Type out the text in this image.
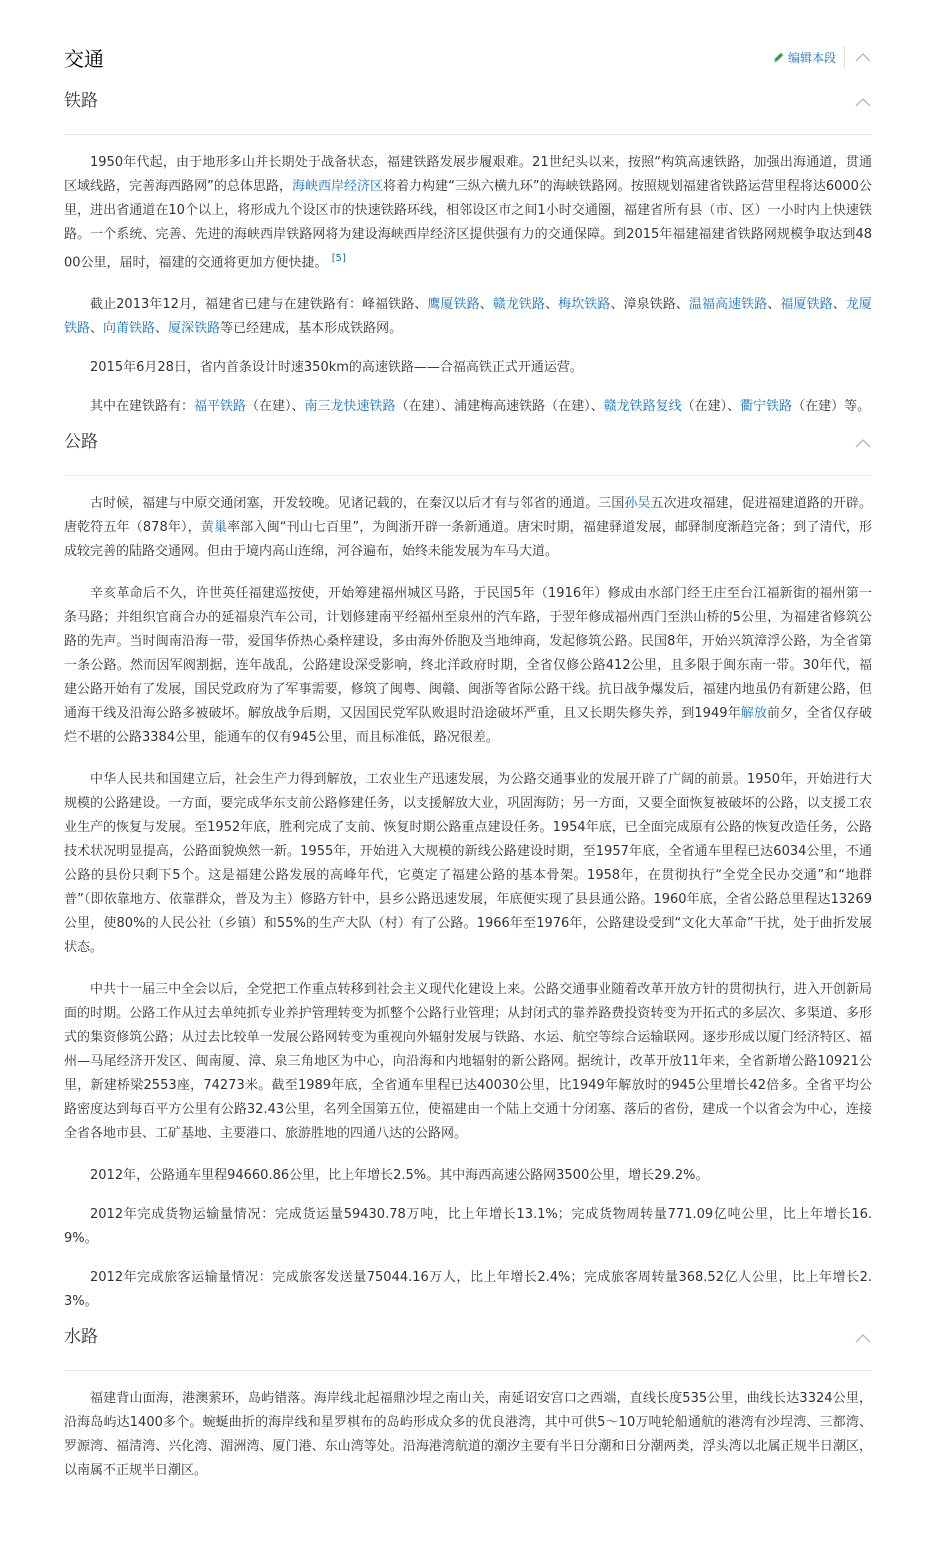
交通	编辑本段
铁路

1950年代起，由于地形多山并长期处于战备状态，福建铁路发展步履艰难。21世纪头以来，按照“构筑高速铁路，加强出海通道，贯通区域线路，完善海西路网”的总体思路，海峡西岸经济区将着力构建“三纵六横九环”的海峡铁路网。按照规划福建省铁路运营里程将达6000公里，进出省通道在10个以上，将形成九个设区市的快速铁路环线，相邻设区市之间1小时交通圈，福建省所有县（市、区）一小时内上快速铁路。一个系统、完善、先进的海峡西岸铁路网将为建设海峡西岸经济区提供强有力的交通保障。到2015年福建福建省铁路网规模争取达到4800公里，届时，福建的交通将更加方便快捷。 [5]

截止2013年12月，福建省已建与在建铁路有：峰福铁路、鹰厦铁路、赣龙铁路、梅坎铁路、漳泉铁路、温福高速铁路、福厦铁路、龙厦铁路、向莆铁路、厦深铁路等已经建成，基本形成铁路网。

2015年6月28日，省内首条设计时速350km的高速铁路——合福高铁正式开通运营。

其中在建铁路有：福平铁路（在建）、南三龙快速铁路（在建）、浦建梅高速铁路（在建）、赣龙铁路复线（在建）、衢宁铁路（在建）等。

公路

古时候，福建与中原交通闭塞，开发较晚。见诸记载的，在秦汉以后才有与邻省的通道。三国孙吴五次进攻福建，促进福建道路的开辟。唐乾符五年（878年），黄巢率部入闽“刊山七百里”，为闽浙开辟一条新通道。唐宋时期，福建驿道发展，邮驿制度渐趋完备；到了清代，形成较完善的陆路交通网。但由于境内高山连绵，河谷遍布，始终未能发展为车马大道。

辛亥革命后不久，许世英任福建巡按使，开始筹建福州城区马路，于民国5年（1916年）修成由水部门经王庄至台江福新街的福州第一条马路；并组织官商合办的延福泉汽车公司，计划修建南平经福州至泉州的汽车路，于翌年修成福州西门至洪山桥的5公里，为福建省修筑公路的先声。当时闽南沿海一带，爱国华侨热心桑梓建设，多由海外侨胞及当地绅商，发起修筑公路。民国8年，开始兴筑漳浮公路，为全省第一条公路。然而因军阀割据，连年战乱，公路建设深受影响，终北洋政府时期，全省仅修公路412公里，且多限于闽东南一带。30年代，福建公路开始有了发展，国民党政府为了军事需要，修筑了闽粤、闽赣、闽浙等省际公路干线。抗日战争爆发后，福建内地虽仍有新建公路，但通海干线及沿海公路多被破坏。解放战争后期，又因国民党军队败退时沿途破坏严重，且又长期失修失养，到1949年解放前夕，全省仅存破烂不堪的公路3384公里，能通车的仅有945公里，而且标准低，路况很差。

中华人民共和国建立后，社会生产力得到解放，工农业生产迅速发展，为公路交通事业的发展开辟了广阔的前景。1950年，开始进行大规模的公路建设。一方面，要完成华东支前公路修建任务，以支援解放大业，巩固海防；另一方面，又要全面恢复被破坏的公路，以支援工农业生产的恢复与发展。至1952年底，胜利完成了支前、恢复时期公路重点建设任务。1954年底，已全面完成原有公路的恢复改造任务，公路技术状况明显提高，公路面貌焕然一新。1955年，开始进入大规模的新线公路建设时期，至1957年底，全省通车里程已达6034公里，不通公路的县份只剩下5个。这是福建公路发展的高峰年代，它奠定了福建公路的基本骨架。1958年，在贯彻执行“全党全民办交通”和“地群普”（即依靠地方、依靠群众，普及为主）修路方针中，县乡公路迅速发展，年底便实现了县县通公路。1960年底，全省公路总里程达13269公里，使80%的人民公社（乡镇）和55%的生产大队（村）有了公路。1966年至1976年，公路建设受到“文化大革命”干扰，处于曲折发展状态。

中共十一届三中全会以后，全党把工作重点转移到社会主义现代化建设上来。公路交通事业随着改革开放方针的贯彻执行，进入开创新局面的时期。公路工作从过去单纯抓专业养护管理转变为抓整个公路行业管理；从封闭式的靠养路费投资转变为开拓式的多层次、多渠道、多形式的集资修筑公路；从过去比较单一发展公路网转变为重视向外辐射发展与铁路、水运、航空等综合运输联网。逐步形成以厦门经济特区、福州—马尾经济开发区、闽南厦、漳、泉三角地区为中心，向沿海和内地辐射的新公路网。据统计，改革开放11年来，全省新增公路10921公里，新建桥梁2553座，74273米。截至1989年底，全省通车里程已达40030公里，比1949年解放时的945公里增长42倍多。全省平均公路密度达到每百平方公里有公路32.43公里，名列全国第五位，使福建由一个陆上交通十分闭塞、落后的省份，建成一个以省会为中心，连接全省各地市县、工矿基地、主要港口、旅游胜地的四通八达的公路网。

2012年，公路通车里程94660.86公里，比上年增长2.5%。其中海西高速公路网3500公里，增长29.2%。

2012年完成货物运输量情况：完成货运量59430.78万吨，比上年增长13.1%；完成货物周转量771.09亿吨公里，比上年增长16.9%。

2012年完成旅客运输量情况：完成旅客发送量75044.16万人，比上年增长2.4%；完成旅客周转量368.52亿人公里，比上年增长2.3%。

水路

福建背山面海，港澳萦环，岛屿错落。海岸线北起福鼎沙埕之南山关，南延诏安宫口之西端，直线长度535公里，曲线长达3324公里，沿海岛屿达1400多个。蜿蜒曲折的海岸线和星罗棋布的岛屿形成众多的优良港湾，其中可供5～10万吨轮船通航的港湾有沙埕湾、三都湾、罗源湾、福清湾、兴化湾、湄洲湾、厦门港、东山湾等处。沿海港湾航道的潮汐主要有半日分潮和日分潮两类，浮头湾以北属正规半日潮区，以南属不正规半日潮区。
